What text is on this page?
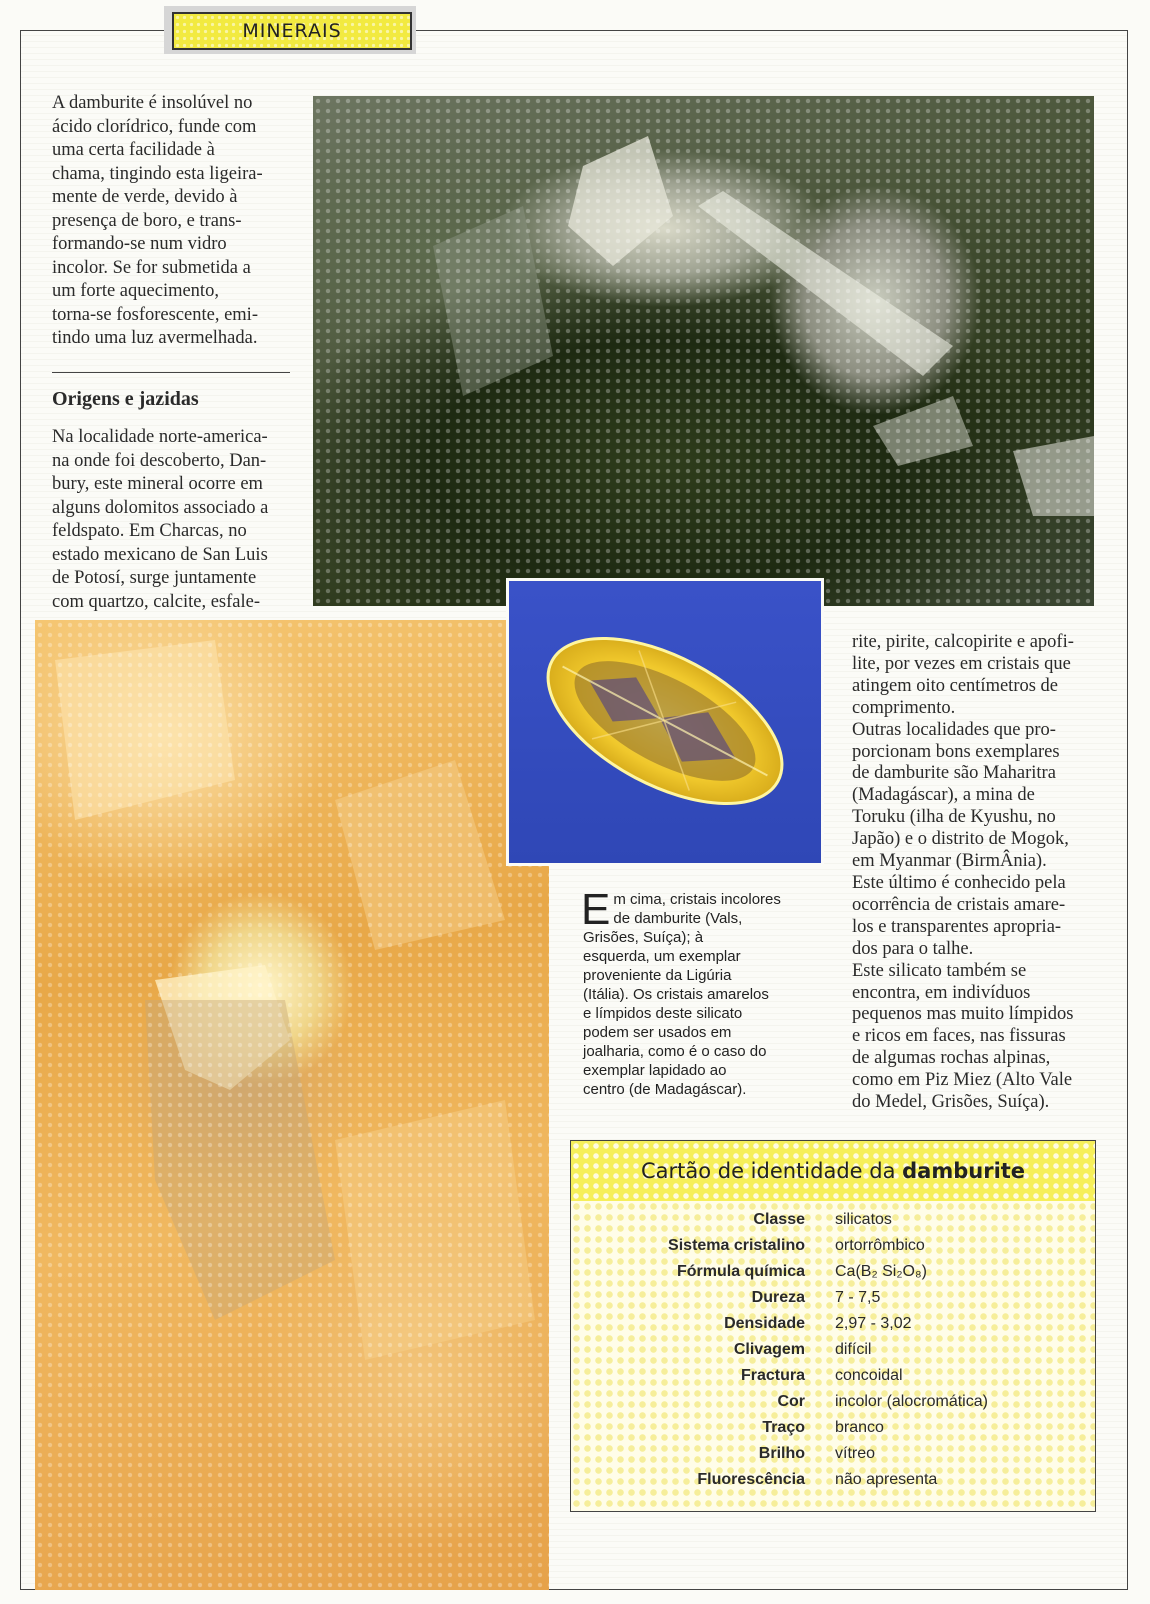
MINERAIS

A damburite é insolúvel no

ácido clorídrico, funde com

uma certa facilidade à

chama, tingindo esta ligeira-

mente de verde, devido à

presença de boro, e trans-

formando-se num vidro

incolor. Se for submetida a

um forte aquecimento,

torna-se fosforescente, emi-

tindo uma luz avermelhada.

Origens e jazidas

Na localidade norte-america-

na onde foi descoberto, Dan-

bury, este mineral ocorre em

alguns dolomitos associado a

feldspato. Em Charcas, no

estado mexicano de San Luis

de Potosí, surge juntamente

com quartzo, calcite, esfale-

rite, pirite, calcopirite e apofi-

lite, por vezes em cristais que

atingem oito centímetros de

comprimento.

Outras localidades que pro-

porcionam bons exemplares

de damburite são Maharitra

(Madagáscar), a mina de

Toruku (ilha de Kyushu, no

Japão) e o distrito de Mogok,

em Myanmar (BirmÂnia).

Este último é conhecido pela

ocorrência de cristais amare-

los e transparentes apropria-

dos para o talhe.

Este silicato também se

encontra, em indivíduos

pequenos mas muito límpidos

e ricos em faces, nas fissuras

de algumas rochas alpinas,

como em Piz Miez (Alto Vale

do Medel, Grisões, Suíça).

E m cima, cristais incolores
de damburite (Vals,
Grisões, Suíça); à
esquerda, um exemplar
proveniente da Ligúria
(Itália). Os cristais amarelos
e límpidos deste silicato
podem ser usados em
joalharia, como é o caso do
exemplar lapidado ao
centro (de Madagáscar).
Cartão de identidade da damburite
Classe silicatos
Sistema cristalino ortorrômbico
Fórmula química Ca(B₂ Si₂O₈)
Dureza 7 - 7,5
Densidade 2,97 - 3,02
Clivagem difícil
Fractura concoidal
Cor incolor (alocromática)
Traço branco
Brilho vítreo
Fluorescência não apresenta
